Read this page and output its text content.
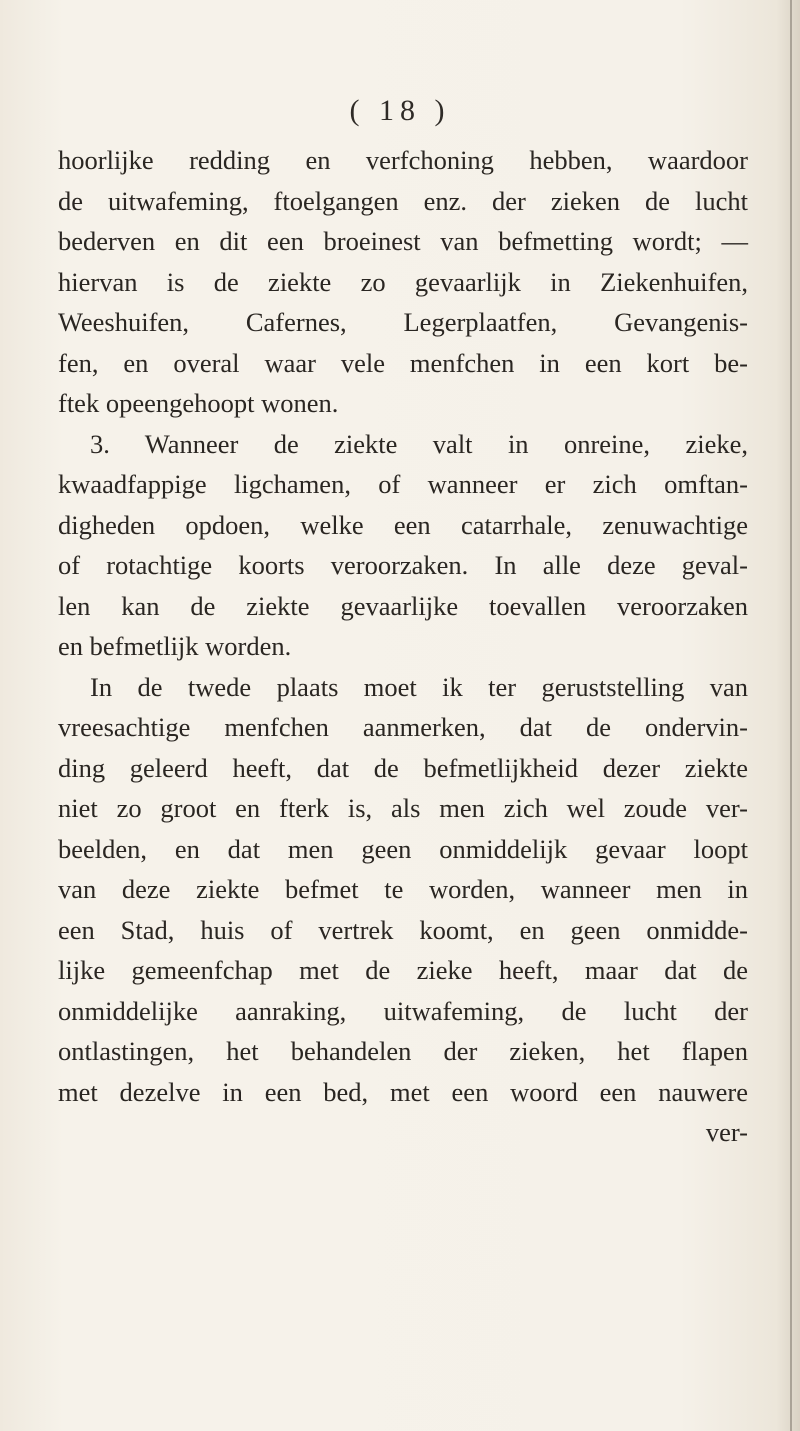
( 18 )
hoorlijke redding en verfchoning hebben, waardoor
de uitwafeming, ftoelgangen enz. der zieken de lucht
bederven en dit een broeinest van befmetting wordt; —
hiervan is de ziekte zo gevaarlijk in Ziekenhuifen,
Weeshuifen, Cafernes, Legerplaatfen, Gevangenis-
fen, en overal waar vele menfchen in een kort be-
ftek opeengehoopt wonen.
3. Wanneer de ziekte valt in onreine, zieke,
kwaadfappige ligchamen, of wanneer er zich omftan-
digheden opdoen, welke een catarrhale, zenuwachtige
of rotachtige koorts veroorzaken. In alle deze geval-
len kan de ziekte gevaarlijke toevallen veroorzaken
en befmetlijk worden.
In de twede plaats moet ik ter geruststelling van
vreesachtige menfchen aanmerken, dat de ondervin-
ding geleerd heeft, dat de befmetlijkheid dezer ziekte
niet zo groot en fterk is, als men zich wel zoude ver-
beelden, en dat men geen onmiddelijk gevaar loopt
van deze ziekte befmet te worden, wanneer men in
een Stad, huis of vertrek koomt, en geen onmidde-
lijke gemeenfchap met de zieke heeft, maar dat de
onmiddelijke aanraking, uitwafeming, de lucht der
ontlastingen, het behandelen der zieken, het flapen
met dezelve in een bed, met een woord een nauwere
ver-
